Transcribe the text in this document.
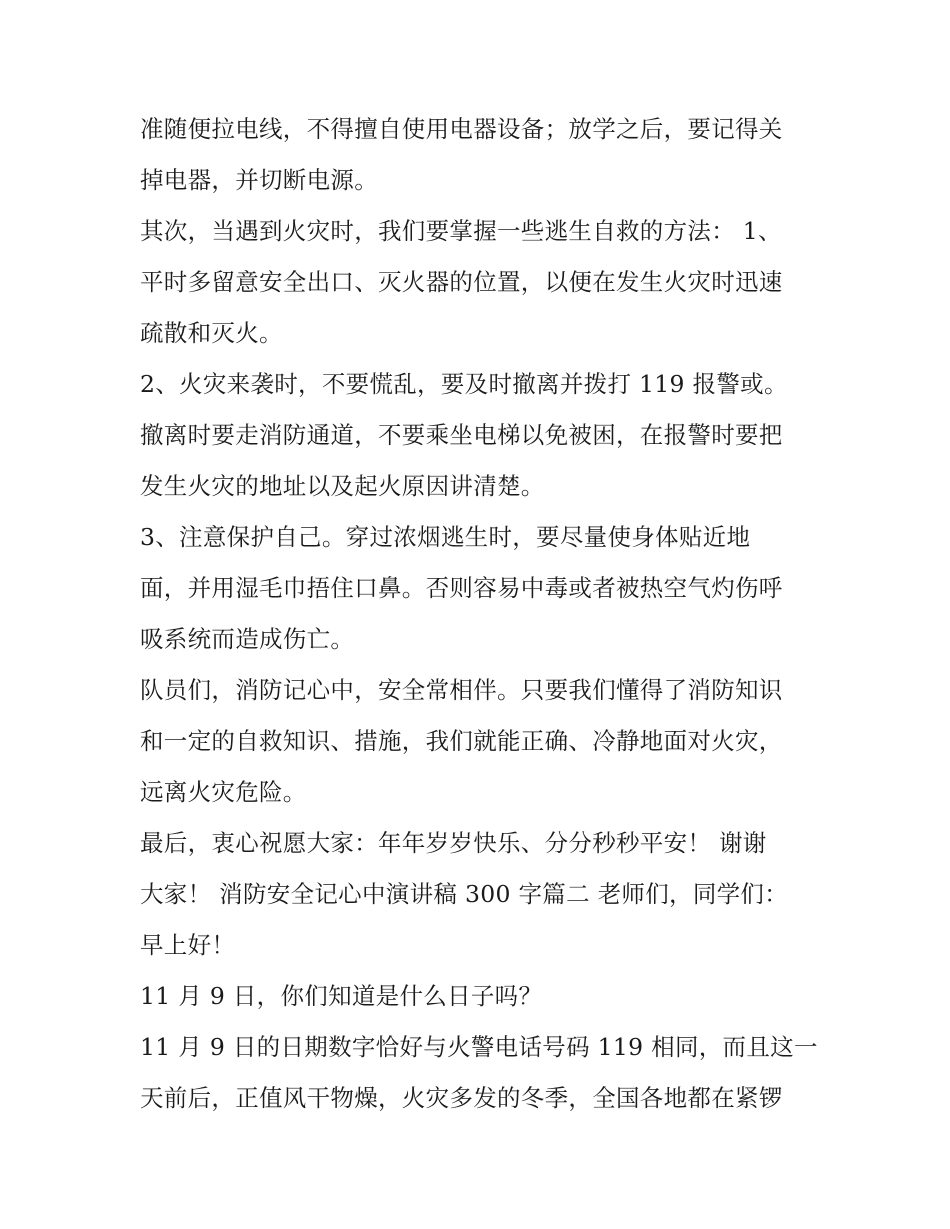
准随便拉电线，不得擅自使用电器设备；放学之后，要记得关
掉电器，并切断电源。
其次，当遇到火灾时，我们要掌握一些逃生自救的方法： 1、
平时多留意安全出口、灭火器的位置，以便在发生火灾时迅速
疏散和灭火。
2、火灾来袭时，不要慌乱，要及时撤离并拨打 119 报警或。
撤离时要走消防通道，不要乘坐电梯以免被困，在报警时要把
发生火灾的地址以及起火原因讲清楚。
3、注意保护自己。穿过浓烟逃生时，要尽量使身体贴近地
面，并用湿毛巾捂住口鼻。否则容易中毒或者被热空气灼伤呼
吸系统而造成伤亡。
队员们，消防记心中，安全常相伴。只要我们懂得了消防知识
和一定的自救知识、措施，我们就能正确、冷静地面对火灾，
远离火灾危险。
最后，衷心祝愿大家：年年岁岁快乐、分分秒秒平安！ 谢谢
大家！ 消防安全记心中演讲稿 300 字篇二 老师们，同学们：
早上好！
11 月 9 日，你们知道是什么日子吗？
11 月 9 日的日期数字恰好与火警电话号码 119 相同，而且这一
天前后，正值风干物燥，火灾多发的冬季，全国各地都在紧锣
